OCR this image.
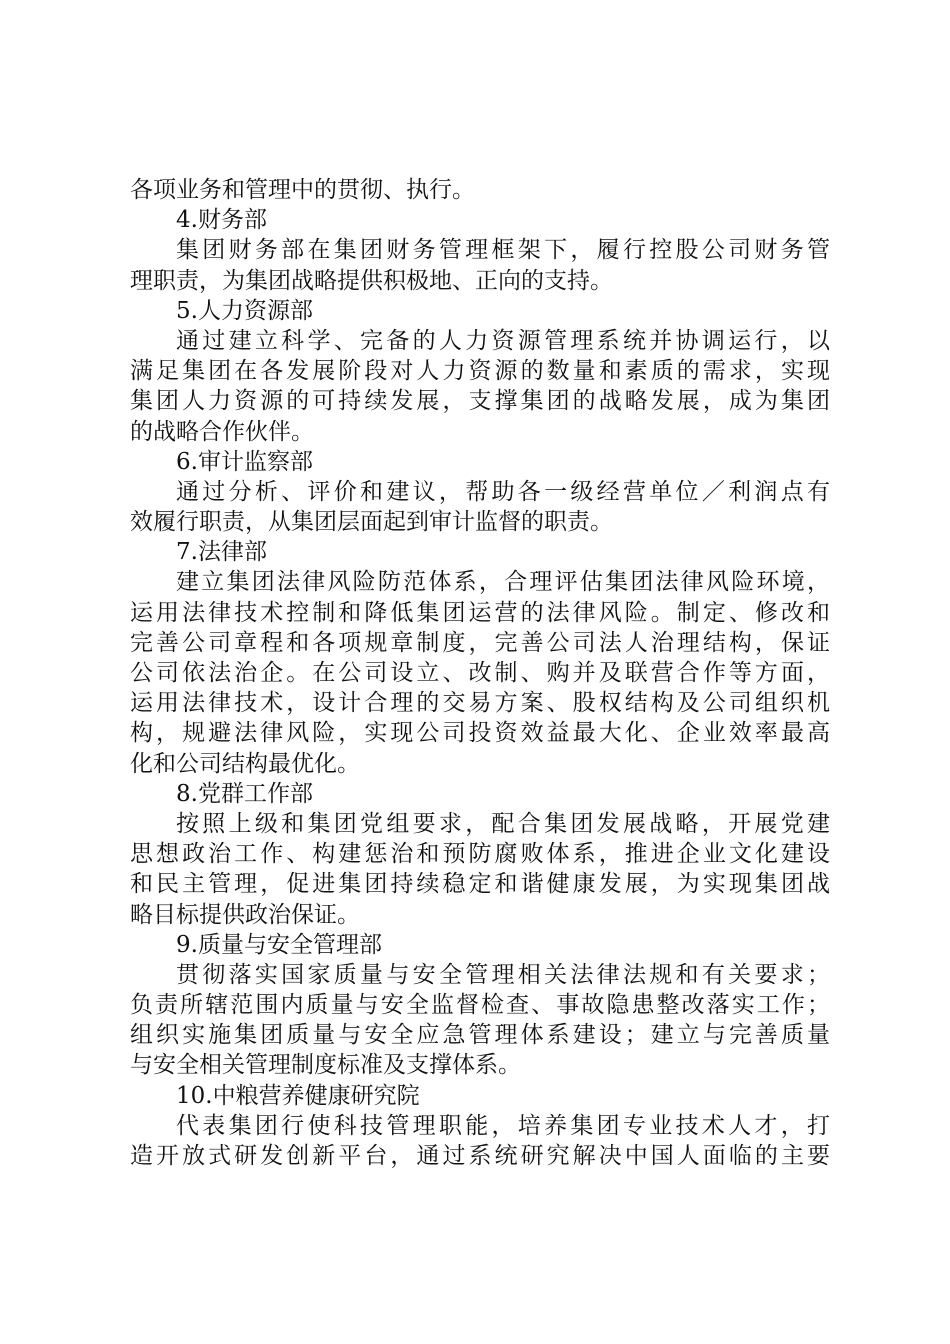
各项业务和管理中的贯彻、执行。
4.财务部
集团财务部在集团财务管理框架下，履行控股公司财务管
理职责，为集团战略提供积极地、正向的支持。
5.人力资源部
通过建立科学、完备的人力资源管理系统并协调运行，以
满足集团在各发展阶段对人力资源的数量和素质的需求，实现
集团人力资源的可持续发展，支撑集团的战略发展，成为集团
的战略合作伙伴。
6.审计监察部
通过分析、评价和建议，帮助各一级经营单位／利润点有
效履行职责，从集团层面起到审计监督的职责。
7.法律部
建立集团法律风险防范体系，合理评估集团法律风险环境，
运用法律技术控制和降低集团运营的法律风险。制定、修改和
完善公司章程和各项规章制度，完善公司法人治理结构，保证
公司依法治企。在公司设立、改制、购并及联营合作等方面，
运用法律技术，设计合理的交易方案、股权结构及公司组织机
构，规避法律风险，实现公司投资效益最大化、企业效率最高
化和公司结构最优化。
8.党群工作部
按照上级和集团党组要求，配合集团发展战略，开展党建
思想政治工作、构建惩治和预防腐败体系，推进企业文化建设
和民主管理，促进集团持续稳定和谐健康发展，为实现集团战
略目标提供政治保证。
9.质量与安全管理部
贯彻落实国家质量与安全管理相关法律法规和有关要求；
负责所辖范围内质量与安全监督检查、事故隐患整改落实工作；
组织实施集团质量与安全应急管理体系建设；建立与完善质量
与安全相关管理制度标准及支撑体系。
10.中粮营养健康研究院
代表集团行使科技管理职能，培养集团专业技术人才，打
造开放式研发创新平台，通过系统研究解决中国人面临的主要
